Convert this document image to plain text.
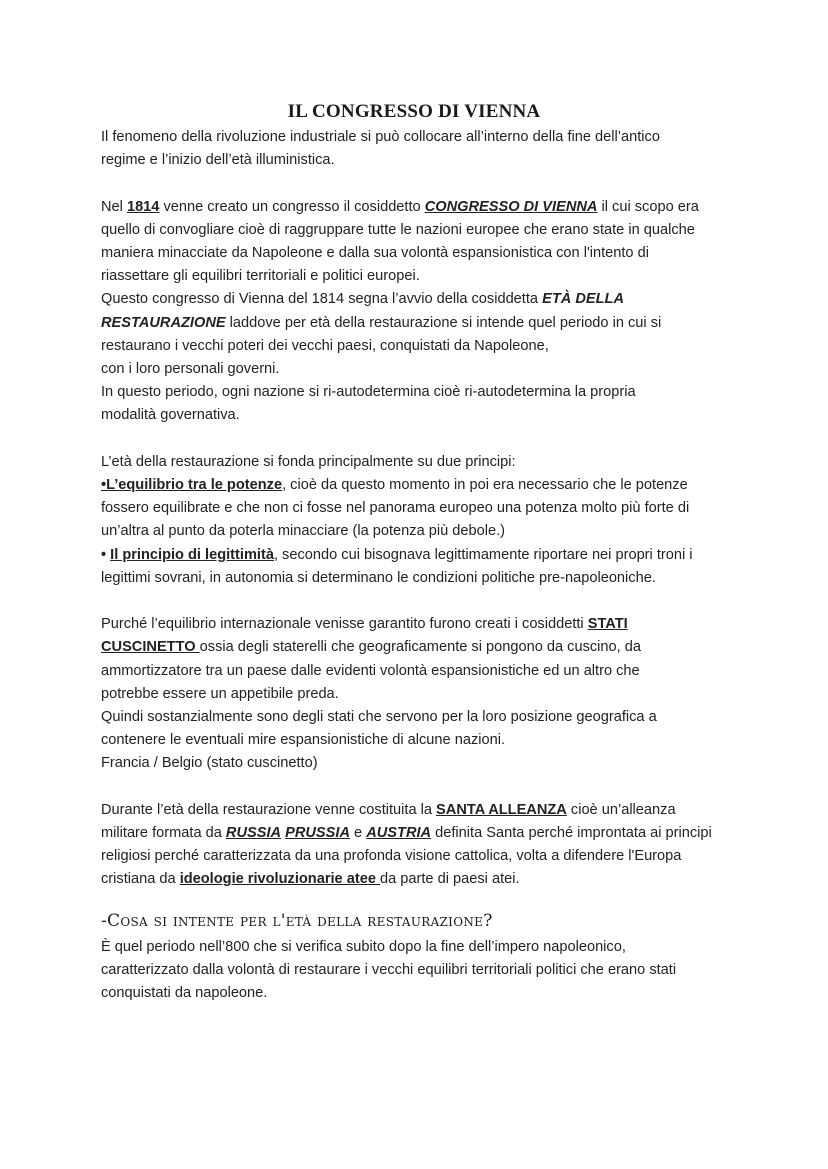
IL CONGRESSO DI VIENNA

Il fenomeno della rivoluzione industriale si può collocare all’interno della fine dell’antico
regime e l’inizio dell’età illuministica.

Nel 1814 venne creato un congresso il cosiddetto CONGRESSO DI VIENNA il cui scopo era
quello di convogliare cioè di raggruppare tutte le nazioni europee che erano state in qualche
maniera minacciate da Napoleone e dalla sua volontà espansionistica con l'intento di
riassettare gli equilibri territoriali e politici europei.
Questo congresso di Vienna del 1814 segna l’avvio della cosiddetta ETÀ DELLA
RESTAURAZIONE laddove per età della restaurazione si intende quel periodo in cui si
restaurano i vecchi poteri dei vecchi paesi, conquistati da Napoleone,
con i loro personali governi.
In questo periodo, ogni nazione si ri-autodetermina cioè ri-autodetermina la propria
modalità governativa.

L’età della restaurazione si fonda principalmente su due principi:
•L’equilibrio tra le potenze, cioè da questo momento in poi era necessario che le potenze
fossero equilibrate e che non ci fosse nel panorama europeo una potenza molto più forte di
un’altra al punto da poterla minacciare (la potenza più debole.)
• Il principio di legittimità, secondo cui bisognava legittimamente riportare nei propri troni i
legittimi sovrani, in autonomia si determinano le condizioni politiche pre-napoleoniche.

Purché l’equilibrio internazionale venisse garantito furono creati i cosiddetti STATI
CUSCINETTO ossia degli staterelli che geograficamente si pongono da cuscino, da
ammortizzatore tra un paese dalle evidenti volontà espansionistiche ed un altro che
potrebbe essere un appetibile preda.
Quindi sostanzialmente sono degli stati che servono per la loro posizione geografica a
contenere le eventuali mire espansionistiche di alcune nazioni.
Francia / Belgio (stato cuscinetto)

Durante l’età della restaurazione venne costituita la SANTA ALLEANZA cioè un’alleanza
militare formata da RUSSIA PRUSSIA e AUSTRIA definita Santa perché improntata ai principi
religiosi perché caratterizzata da una profonda visione cattolica, volta a difendere l'Europa
cristiana da ideologie rivoluzionarie atee da parte di paesi atei.

-Cosa si intente per l'età della restaurazione?

È quel periodo nell’800 che si verifica subito dopo la fine dell’impero napoleonico,
caratterizzato dalla volontà di restaurare i vecchi equilibri territoriali politici che erano stati
conquistati da napoleone.
